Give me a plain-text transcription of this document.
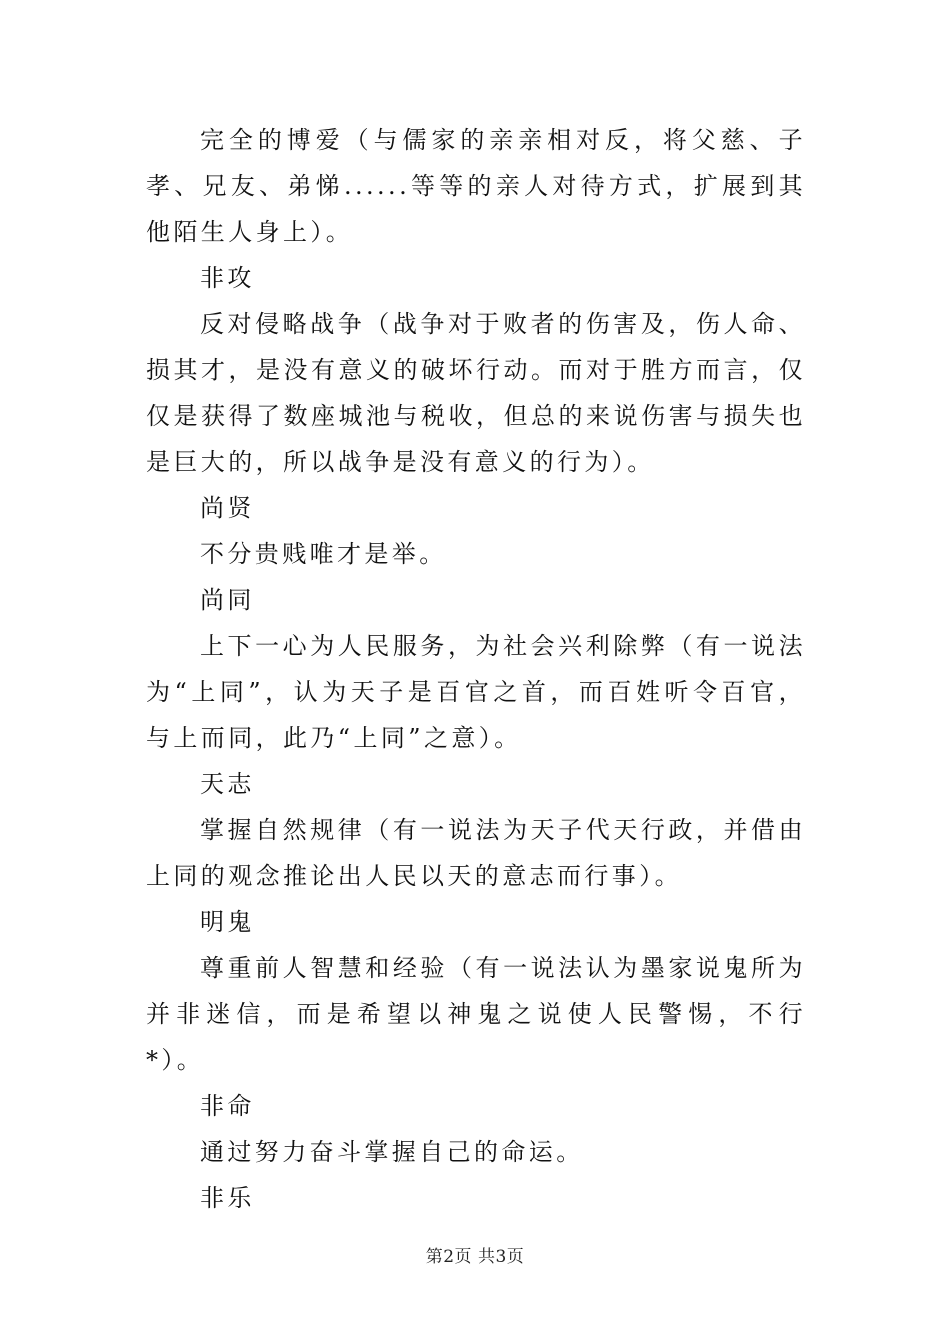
完全的博爱（与儒家的亲亲相对反，将父慈、子孝、兄友、弟悌......等等的亲人对待方式，扩展到其他陌生人身上）。

非攻

反对侵略战争（战争对于败者的伤害及，伤人命、损其才，是没有意义的破坏行动。而对于胜方而言，仅仅是获得了数座城池与税收，但总的来说伤害与损失也是巨大的，所以战争是没有意义的行为）。

尚贤

不分贵贱唯才是举。

尚同

上下一心为人民服务，为社会兴利除弊（有一说法为“上同”，认为天子是百官之首，而百姓听令百官，与上而同，此乃“上同”之意）。

天志

掌握自然规律（有一说法为天子代天行政，并借由上同的观念推论出人民以天的意志而行事）。

明鬼

尊重前人智慧和经验（有一说法认为墨家说鬼所为并非迷信，而是希望以神鬼之说使人民警惕，不行*）。

非命

通过努力奋斗掌握自己的命运。

非乐

第2页 共3页
